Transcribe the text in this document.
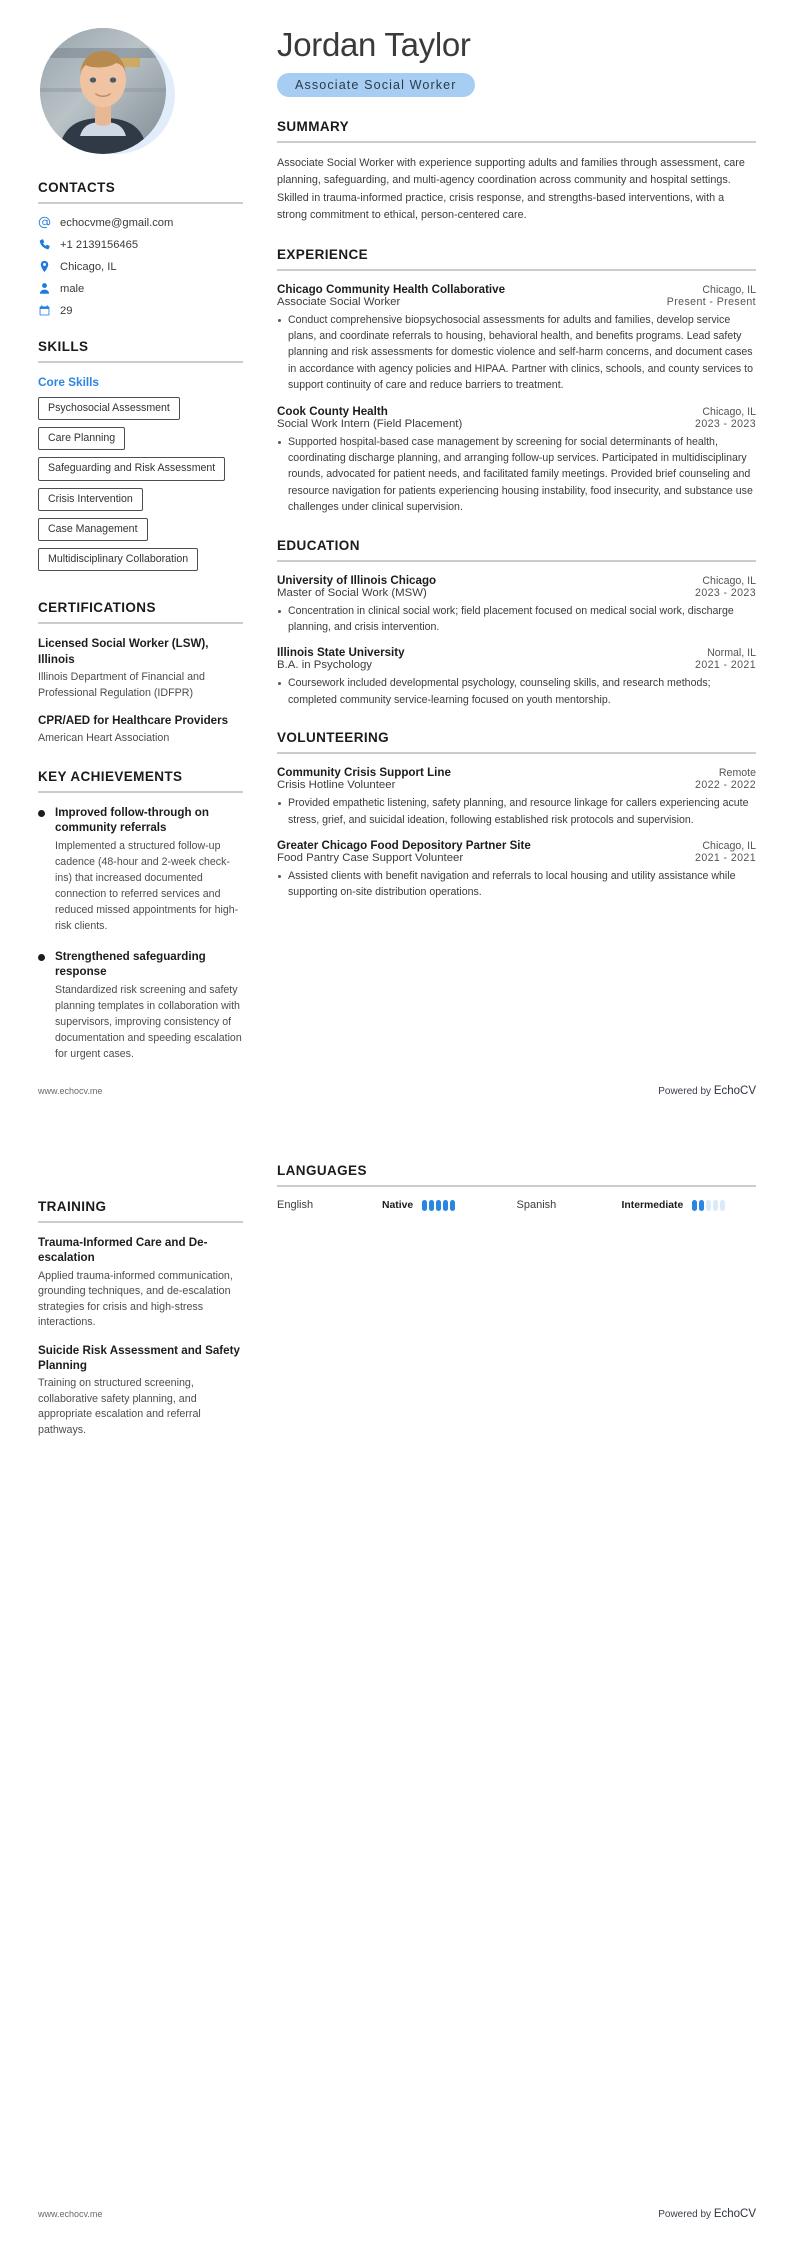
CONTACTS
echocvme@gmail.com
+1 2139156465
Chicago, IL
male
29
SKILLS
Core Skills
Psychosocial Assessment
Care Planning
Safeguarding and Risk Assessment
Crisis Intervention
Case Management
Multidisciplinary Collaboration
CERTIFICATIONS
Licensed Social Worker (LSW), Illinois
Illinois Department of Financial and Professional Regulation (IDFPR)
CPR/AED for Healthcare Providers
American Heart Association
KEY ACHIEVEMENTS
Improved follow-through on community referrals
Implemented a structured follow-up cadence (48-hour and 2-week check-ins) that increased documented connection to referred services and reduced missed appointments for high-risk clients.
Strengthened safeguarding response
Standardized risk screening and safety planning templates in collaboration with supervisors, improving consistency of documentation and speeding escalation for urgent cases.
Jordan Taylor
Associate Social Worker
SUMMARY
Associate Social Worker with experience supporting adults and families through assessment, care planning, safeguarding, and multi-agency coordination across community and hospital settings. Skilled in trauma-informed practice, crisis response, and strengths-based interventions, with a strong commitment to ethical, person-centered care.
EXPERIENCE
Chicago Community Health Collaborative	Chicago, IL
Associate Social Worker	Present - Present
Conduct comprehensive biopsychosocial assessments for adults and families, develop service plans, and coordinate referrals to housing, behavioral health, and benefits programs. Lead safety planning and risk assessments for domestic violence and self-harm concerns, and document cases in accordance with agency policies and HIPAA. Partner with clinics, schools, and county services to support continuity of care and reduce barriers to treatment.
Cook County Health	Chicago, IL
Social Work Intern (Field Placement)	2023 - 2023
Supported hospital-based case management by screening for social determinants of health, coordinating discharge planning, and arranging follow-up services. Participated in multidisciplinary rounds, advocated for patient needs, and facilitated family meetings. Provided brief counseling and resource navigation for patients experiencing housing instability, food insecurity, and substance use challenges under clinical supervision.
EDUCATION
University of Illinois Chicago	Chicago, IL
Master of Social Work (MSW)	2023 - 2023
Concentration in clinical social work; field placement focused on medical social work, discharge planning, and crisis intervention.
Illinois State University	Normal, IL
B.A. in Psychology	2021 - 2021
Coursework included developmental psychology, counseling skills, and research methods; completed community service-learning focused on youth mentorship.
VOLUNTEERING
Community Crisis Support Line	Remote
Crisis Hotline Volunteer	2022 - 2022
Provided empathetic listening, safety planning, and resource linkage for callers experiencing acute stress, grief, and suicidal ideation, following established risk protocols and supervision.
Greater Chicago Food Depository Partner Site	Chicago, IL
Food Pantry Case Support Volunteer	2021 - 2021
Assisted clients with benefit navigation and referrals to local housing and utility assistance while supporting on-site distribution operations.
www.echocv.me	Powered by EchoCV
TRAINING
Trauma-Informed Care and De-escalation
Applied trauma-informed communication, grounding techniques, and de-escalation strategies for crisis and high-stress interactions.
Suicide Risk Assessment and Safety Planning
Training on structured screening, collaborative safety planning, and appropriate escalation and referral pathways.
LANGUAGES
English	Native	Spanish	Intermediate
www.echocv.me	Powered by EchoCV
